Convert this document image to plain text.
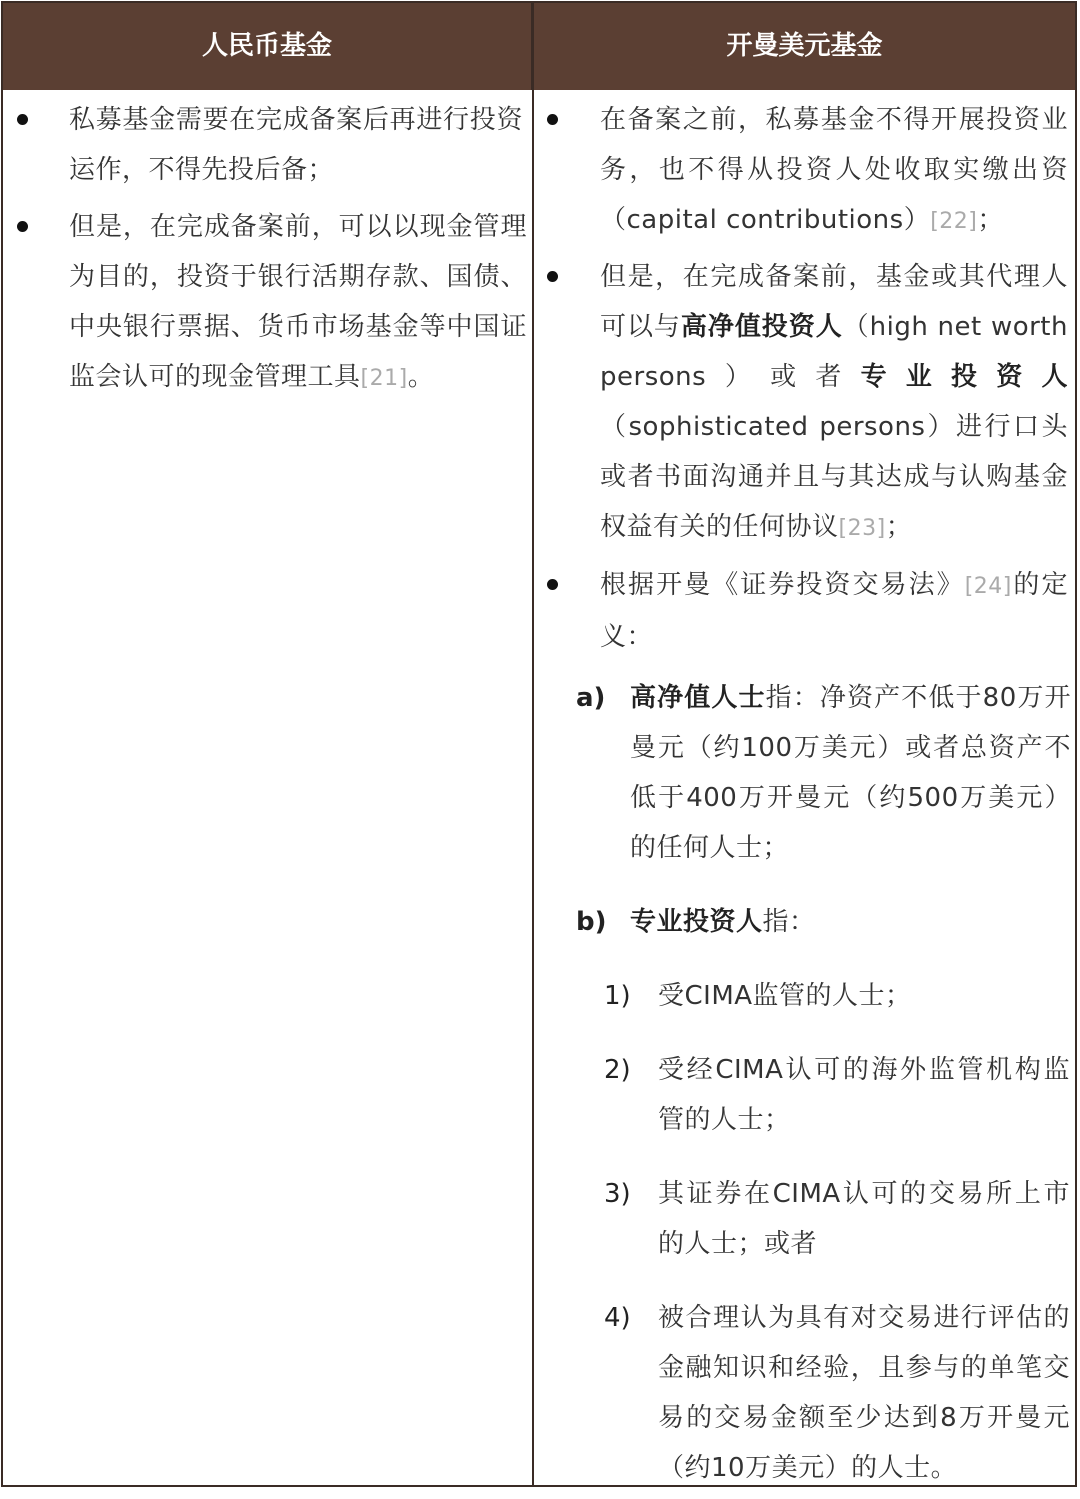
人民币基金	开曼美元基金
私募基金需要在完成备案后再进行投资运作，不得先投后备；
但是，在完成备案前，可以以现金管理为目的，投资于银行活期存款、国债、中央银行票据、货币市场基金等中国证监会认可的现金管理工具[21]。
在备案之前，私募基金不得开展投资业务，也不得从投资人处收取实缴出资（capital contributions）[22]；
但是，在完成备案前，基金或其代理人可以与高净值投资人（high net worth persons）或者专业投资人（sophisticated persons）进行口头或者书面沟通并且与其达成与认购基金权益有关的任何协议[23]；
根据开曼《证券投资交易法》[24]的定义：
a) 高净值人士指：净资产不低于80万开曼元（约100万美元）或者总资产不低于400万开曼元（约500万美元）的任何人士；
b) 专业投资人指：
1) 受CIMA监管的人士；
2) 受经CIMA认可的海外监管机构监管的人士；
3) 其证券在CIMA认可的交易所上市的人士；或者
4) 被合理认为具有对交易进行评估的金融知识和经验，且参与的单笔交易的交易金额至少达到8万开曼元（约10万美元）的人士。
